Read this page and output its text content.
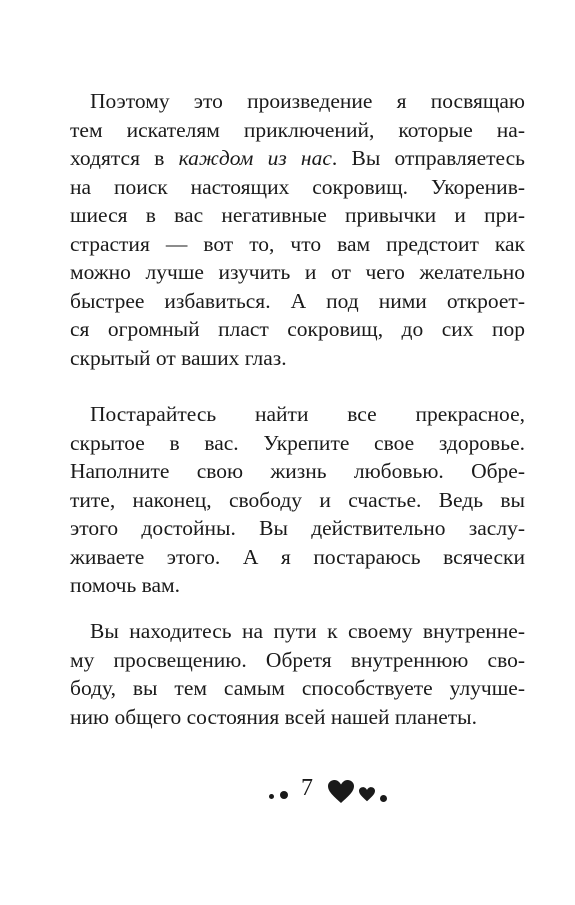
Поэтому это произведение я посвящаю
тем искателям приключений, которые на-
ходятся в каждом из нас. Вы отправляетесь
на поиск настоящих сокровищ. Укоренив-
шиеся в вас негативные привычки и при-
страстия — вот то, что вам предстоит как
можно лучше изучить и от чего желательно
быстрее избавиться. А под ними откроет-
ся огромный пласт сокровищ, до сих пор
скрытый от ваших глаз.
Постарайтесь найти все прекрасное,
скрытое в вас. Укрепите свое здоровье.
Наполните свою жизнь любовью. Обре-
тите, наконец, свободу и счастье. Ведь вы
этого достойны. Вы действительно заслу-
живаете этого. А я постараюсь всячески
помочь вам.
Вы находитесь на пути к своему внутренне-
му просвещению. Обретя внутреннюю сво-
боду, вы тем самым способствуете улучше-
нию общего состояния всей нашей планеты.
7
